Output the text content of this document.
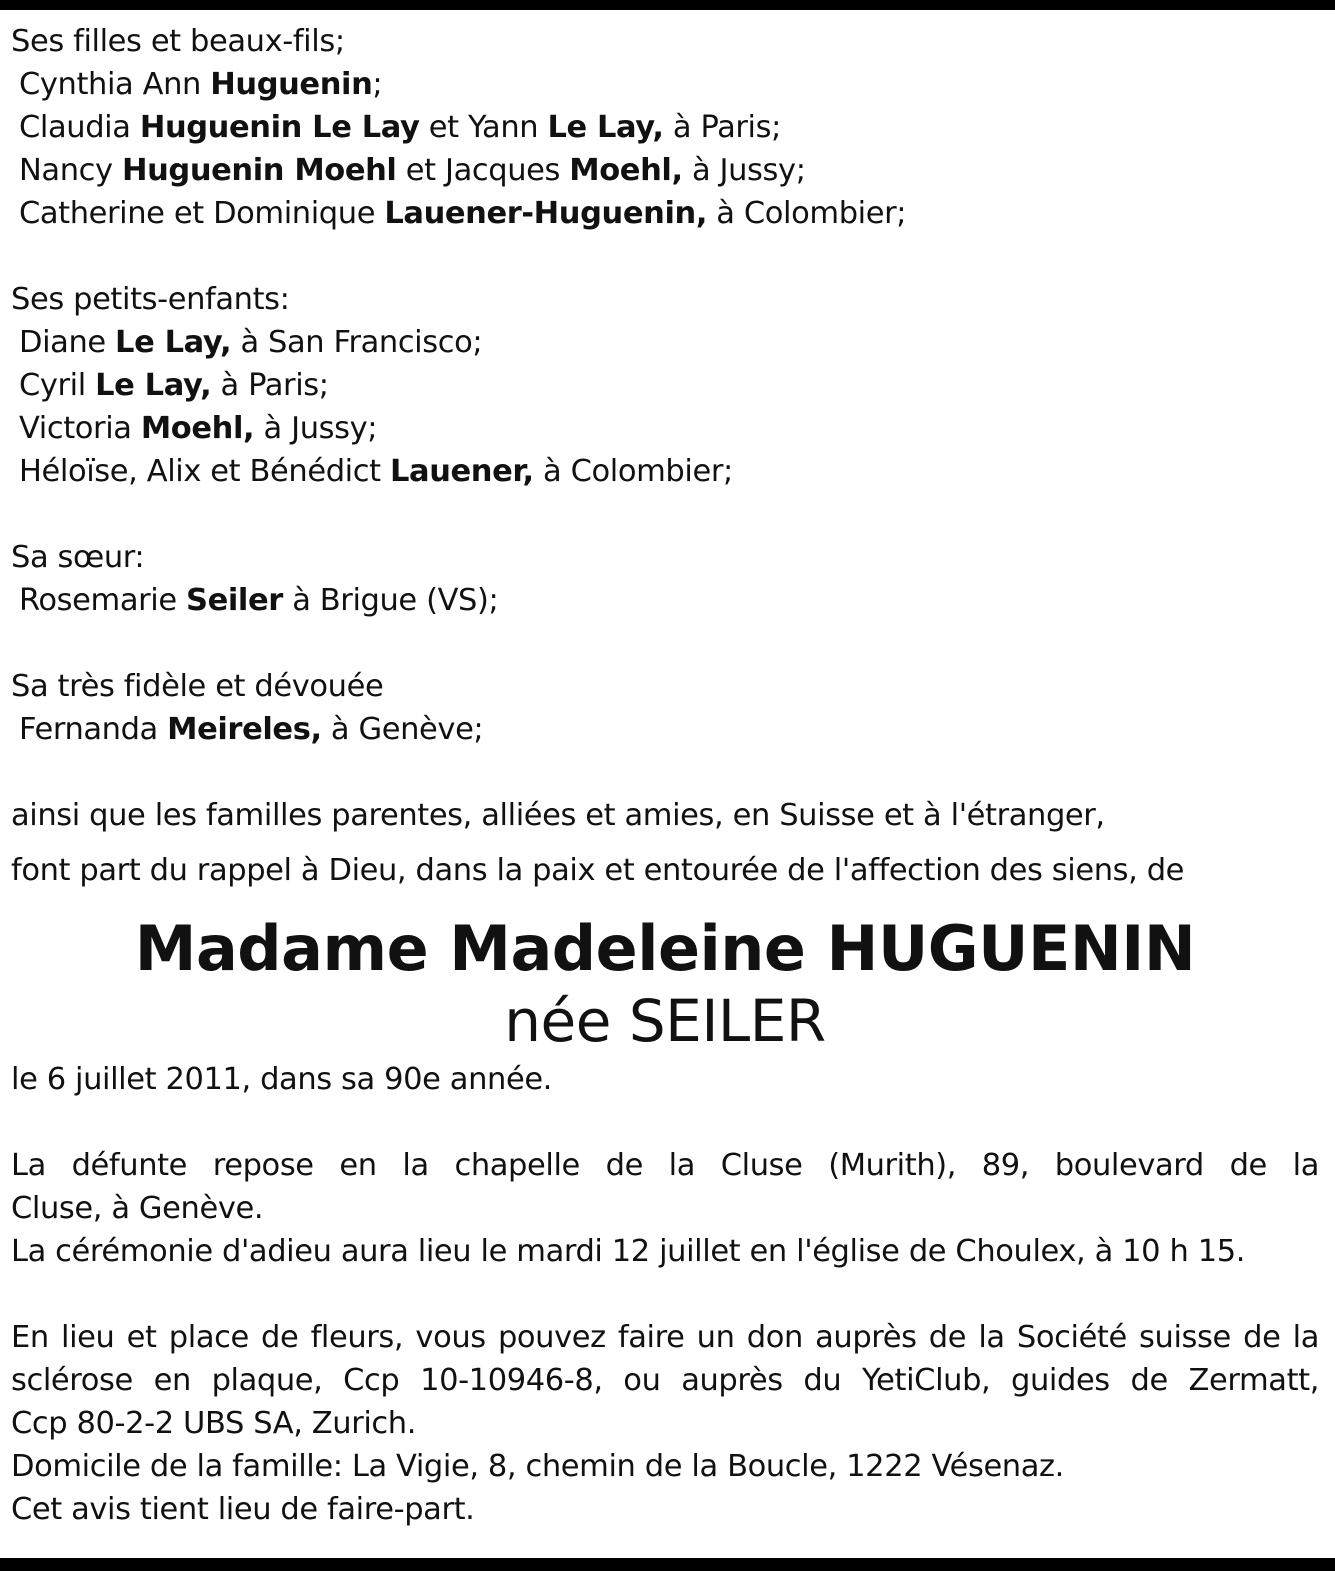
Ses filles et beaux-fils;
Cynthia Ann Huguenin;
Claudia Huguenin Le Lay et Yann Le Lay, à Paris;
Nancy Huguenin Moehl et Jacques Moehl, à Jussy;
Catherine et Dominique Lauener-Huguenin, à Colombier;
Ses petits-enfants:
Diane Le Lay, à San Francisco;
Cyril Le Lay, à Paris;
Victoria Moehl, à Jussy;
Héloïse, Alix et Bénédict Lauener, à Colombier;
Sa sœur:
Rosemarie Seiler à Brigue (VS);
Sa très fidèle et dévouée
Fernanda Meireles, à Genève;
ainsi que les familles parentes, alliées et amies, en Suisse et à l'étranger,
font part du rappel à Dieu, dans la paix et entourée de l'affection des siens, de
Madame Madeleine HUGUENIN
née SEILER
le 6 juillet 2011, dans sa 90e année.
La défunte repose en la chapelle de la Cluse (Murith), 89, boulevard de la
Cluse, à Genève.
La cérémonie d'adieu aura lieu le mardi 12 juillet en l'église de Choulex, à 10 h 15.
En lieu et place de fleurs, vous pouvez faire un don auprès de la Société suisse de la
sclérose en plaque, Ccp 10-10946-8, ou auprès du YetiClub, guides de Zermatt,
Ccp 80-2-2 UBS SA, Zurich.
Domicile de la famille: La Vigie, 8, chemin de la Boucle, 1222 Vésenaz.
Cet avis tient lieu de faire-part.
